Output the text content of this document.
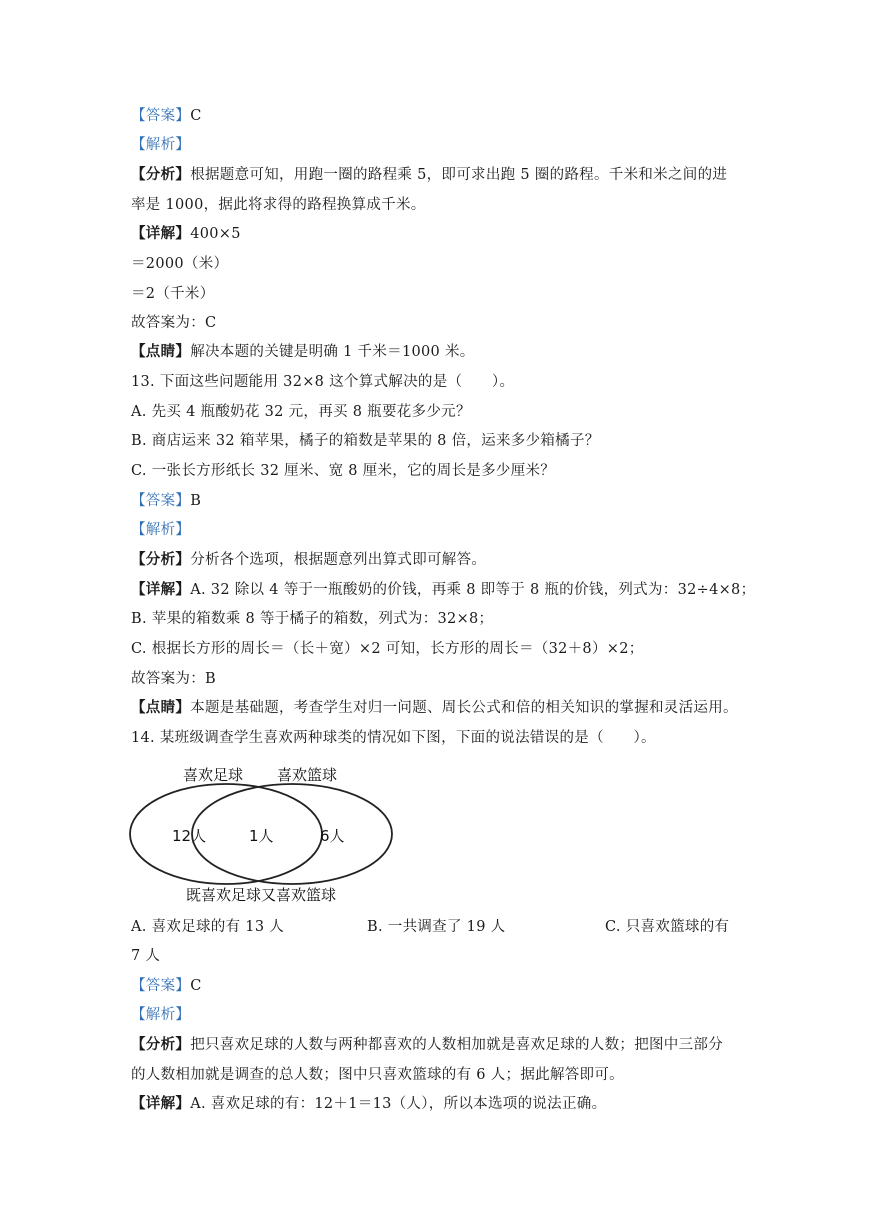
【答案】C
【解析】
【分析】根据题意可知，用跑一圈的路程乘 5，即可求出跑 5 圈的路程。千米和米之间的进
率是 1000，据此将求得的路程换算成千米。
【详解】400×5
＝2000（米）
＝2（千米）
故答案为：C
【点睛】解决本题的关键是明确 1 千米＝1000 米。
13. 下面这些问题能用 32×8 这个算式解决的是（　　）。
A. 先买 4 瓶酸奶花 32 元，再买 8 瓶要花多少元？
B. 商店运来 32 箱苹果，橘子的箱数是苹果的 8 倍，运来多少箱橘子？
C. 一张长方形纸长 32 厘米、宽 8 厘米，它的周长是多少厘米？
【答案】B
【解析】
【分析】分析各个选项，根据题意列出算式即可解答。
【详解】A. 32 除以 4 等于一瓶酸奶的价钱，再乘 8 即等于 8 瓶的价钱，列式为：32÷4×8；
B. 苹果的箱数乘 8 等于橘子的箱数，列式为：32×8；
C. 根据长方形的周长＝（长＋宽）×2 可知，长方形的周长＝（32＋8）×2；
故答案为：B
【点睛】本题是基础题，考查学生对归一问题、周长公式和倍的相关知识的掌握和灵活运用。
14. 某班级调查学生喜欢两种球类的情况如下图，下面的说法错误的是（　　）。
喜欢足球 喜欢篮球
12人	1人	6人
既喜欢足球又喜欢篮球
A. 喜欢足球的有 13 人	B. 一共调查了 19 人	C. 只喜欢篮球的有
7 人
【答案】C
【解析】
【分析】把只喜欢足球的人数与两种都喜欢的人数相加就是喜欢足球的人数；把图中三部分
的人数相加就是调查的总人数；图中只喜欢篮球的有 6 人；据此解答即可。
【详解】A. 喜欢足球的有：12＋1＝13（人），所以本选项的说法正确。
